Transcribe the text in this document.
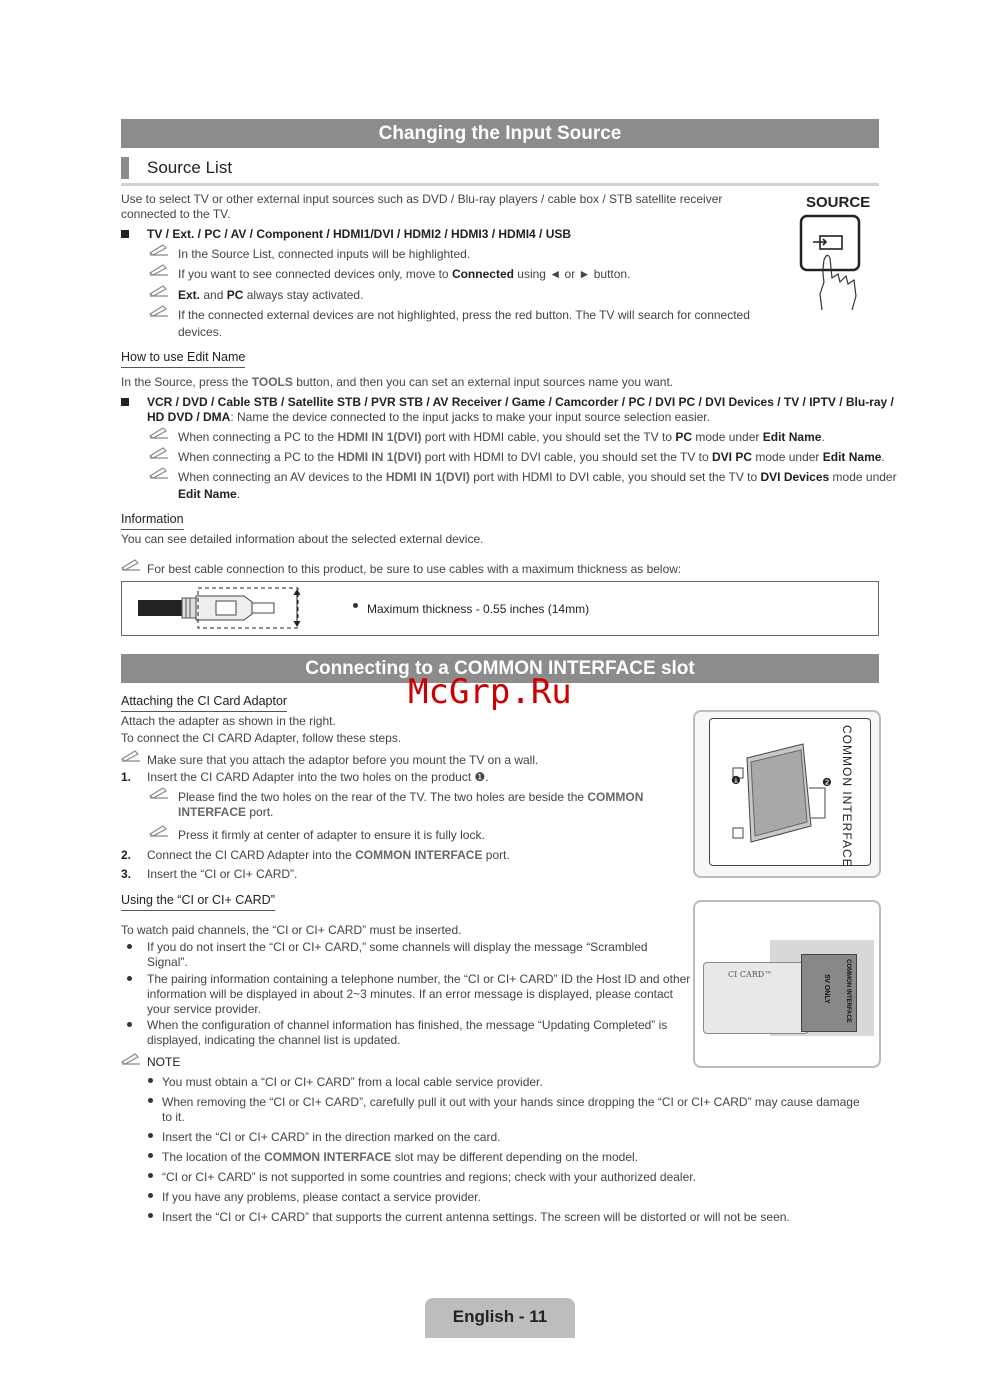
Changing the Input Source
Source List
Use to select TV or other external input sources such as DVD / Blu-ray players / cable box / STB satellite receiver
connected to the TV.
TV / Ext. / PC / AV / Component / HDMI1/DVI / HDMI2 / HDMI3 / HDMI4 / USB
In the Source List, connected inputs will be highlighted.
If you want to see connected devices only, move to Connected using ◄ or ► button.
Ext. and PC always stay activated.
If the connected external devices are not highlighted, press the red button. The TV will search for connected
devices.
SOURCE
How to use Edit Name
In the Source, press the TOOLS button, and then you can set an external input sources name you want.
VCR / DVD / Cable STB / Satellite STB / PVR STB / AV Receiver / Game / Camcorder / PC / DVI PC / DVI Devices / TV / IPTV / Blu-ray /
HD DVD / DMA: Name the device connected to the input jacks to make your input source selection easier.
When connecting a PC to the HDMI IN 1(DVI) port with HDMI cable, you should set the TV to PC mode under Edit Name.
When connecting a PC to the HDMI IN 1(DVI) port with HDMI to DVI cable, you should set the TV to DVI PC mode under Edit Name.
When connecting an AV devices to the HDMI IN 1(DVI) port with HDMI to DVI cable, you should set the TV to DVI Devices mode under
Edit Name.
Information
You can see detailed information about the selected external device.
For best cable connection to this product, be sure to use cables with a maximum thickness as below:
Maximum thickness - 0.55 inches (14mm)
Connecting to a COMMON INTERFACE slot
McGrp.Ru
Attaching the CI Card Adaptor
Attach the adapter as shown in the right.
To connect the CI CARD Adapter, follow these steps.
Make sure that you attach the adaptor before you mount the TV on a wall.
1. Insert the CI CARD Adapter into the two holes on the product ❶.
Please find the two holes on the rear of the TV. The two holes are beside the COMMON
INTERFACE port.
Press it firmly at center of adapter to ensure it is fully lock.
2. Connect the CI CARD Adapter into the COMMON INTERFACE port.
3. Insert the “CI or CI+ CARD”.
❶	❷ COMMON INTERFACE
Using the “CI or CI+ CARD”
To watch paid channels, the “CI or CI+ CARD” must be inserted.
If you do not insert the “CI or CI+ CARD,” some channels will display the message “Scrambled
Signal”.
The pairing information containing a telephone number, the “CI or CI+ CARD” ID the Host ID and other
information will be displayed in about 2~3 minutes. If an error message is displayed, please contact
your service provider.
When the configuration of channel information has finished, the message “Updating Completed” is
displayed, indicating the channel list is updated.
CI CARD™	COMMON INTERFACE
5V ONLY
NOTE
You must obtain a “CI or CI+ CARD” from a local cable service provider.
When removing the “CI or CI+ CARD”, carefully pull it out with your hands since dropping the “CI or CI+ CARD” may cause damage
to it.
Insert the “CI or CI+ CARD” in the direction marked on the card.
The location of the COMMON INTERFACE slot may be different depending on the model.
“CI or CI+ CARD” is not supported in some countries and regions; check with your authorized dealer.
If you have any problems, please contact a service provider.
Insert the “CI or CI+ CARD” that supports the current antenna settings. The screen will be distorted or will not be seen.
English - 11
